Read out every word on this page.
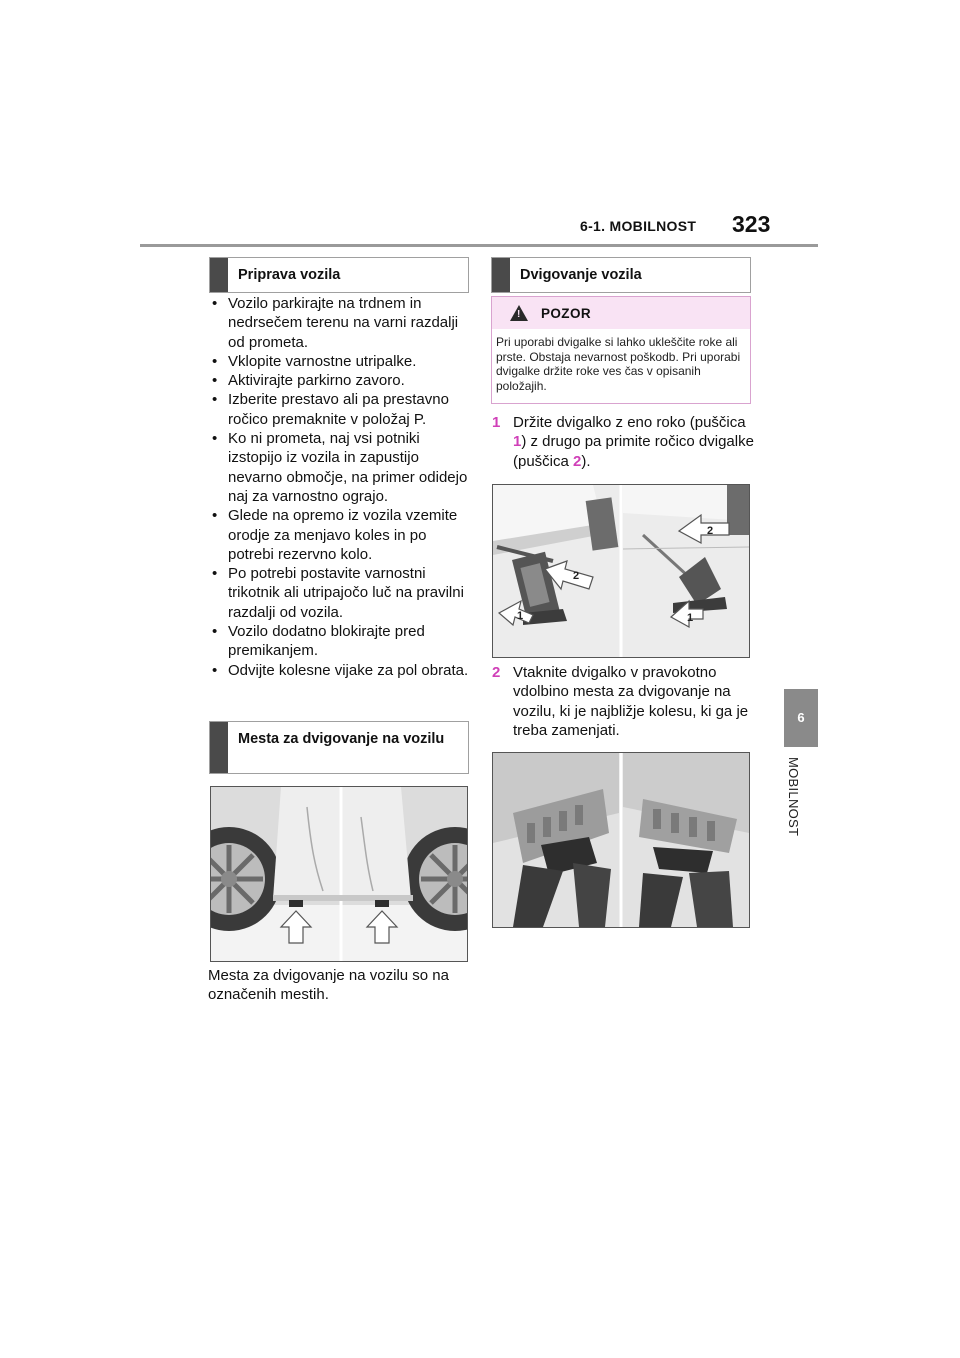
6-1. MOBILNOST 323
6
MOBILNOST
Priprava vozila
• Vozilo parkirajte na trdnem in nedrsečem terenu na varni razdalji od prometa.
• Vklopite varnostne utripalke.
• Aktivirajte parkirno zavoro.
• Izberite prestavo ali pa prestavno ročico premaknite v položaj P.
• Ko ni prometa, naj vsi potniki izstopijo iz vozila in zapustijo nevarno območje, na primer odidejo naj za varnostno ograjo.
• Glede na opremo iz vozila vzemite orodje za menjavo koles in po potrebi rezervno kolo.
• Po potrebi postavite varnostni trikotnik ali utripajočo luč na pravilni razdalji od vozila.
• Vozilo dodatno blokirajte pred premikanjem.
• Odvijte kolesne vijake za pol obrata.
Mesta za dvigovanje na vozilu
Mesta za dvigovanje na vozilu so na označenih mestih.
Dvigovanje vozila
! POZOR
Pri uporabi dvigalke si lahko ukleščite roke ali prste. Obstaja nevarnost poškodb. Pri uporabi dvigalke držite roke ves čas v opisanih položajih.
1 Držite dvigalko z eno roko (puščica 1) z drugo pa primite ročico dvigalke (puščica 2).
1
2
1
2
2 Vtaknite dvigalko v pravokotno vdolbino mesta za dvigovanje na vozilu, ki je najbližje kolesu, ki ga je treba zamenjati.
